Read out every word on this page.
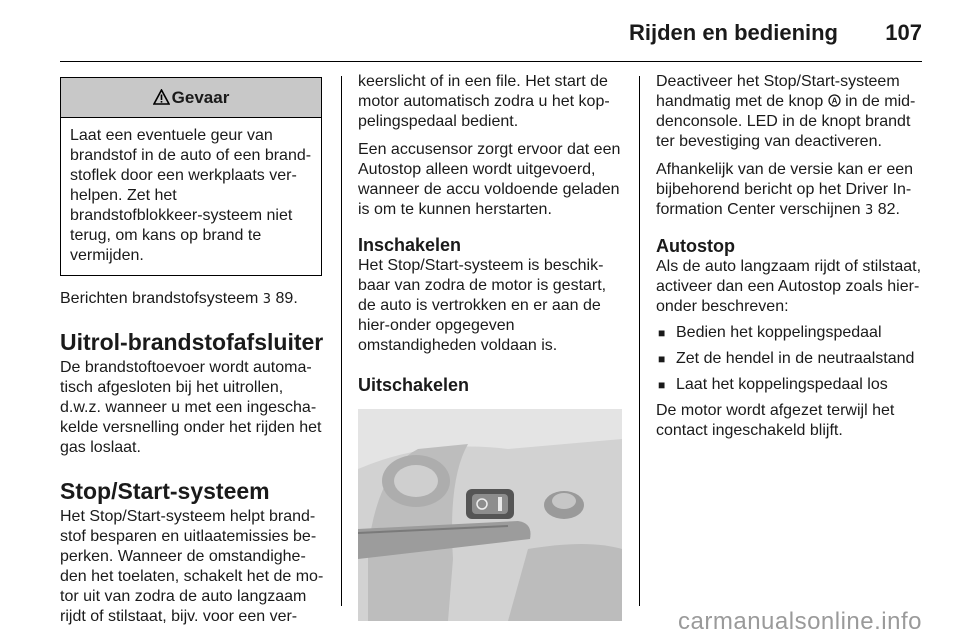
Rijden en bediening 107
Gevaar
Laat een eventuele geur van brandstof in de auto of een brand-stoflek door een werkplaats ver-helpen. Zet het brandstofblokkeer-systeem niet terug, om kans op brand te vermijden.

Berichten brandstofsysteem 3 89.

Uitrol-brandstofafsluiter

De brandstoftoevoer wordt automa-tisch afgesloten bij het uitrollen, d.w.z. wanneer u met een ingescha-kelde versnelling onder het rijden het gas loslaat.

Stop/Start-systeem

Het Stop/Start-systeem helpt brand-stof besparen en uitlaatemissies be-perken. Wanneer de omstandighe-den het toelaten, schakelt het de mo-tor uit van zodra de auto langzaam rijdt of stilstaat, bijv. voor een ver-

keerslicht of in een file. Het start de motor automatisch zodra u het kop-pelingspedaal bedient.

Een accusensor zorgt ervoor dat een Autostop alleen wordt uitgevoerd, wanneer de accu voldoende geladen is om te kunnen herstarten.

Inschakelen

Het Stop/Start-systeem is beschik-baar van zodra de motor is gestart, de auto is vertrokken en er aan de hier-onder opgegeven omstandigheden voldaan is.

Uitschakelen

Deactiveer het Stop/Start-systeem handmatig met de knop A in de mid-denconsole. LED in de knopt brandt ter bevestiging van deactiveren.

Afhankelijk van de versie kan er een bijbehorend bericht op het Driver In-formation Center verschijnen 3 82.

Autostop

Als de auto langzaam rijdt of stilstaat, activeer dan een Autostop zoals hier-onder beschreven:

■ Bedien het koppelingspedaal
■ Zet de hendel in de neutraalstand
■ Laat het koppelingspedaal los

De motor wordt afgezet terwijl het contact ingeschakeld blijft.

carmanualsonline.info
